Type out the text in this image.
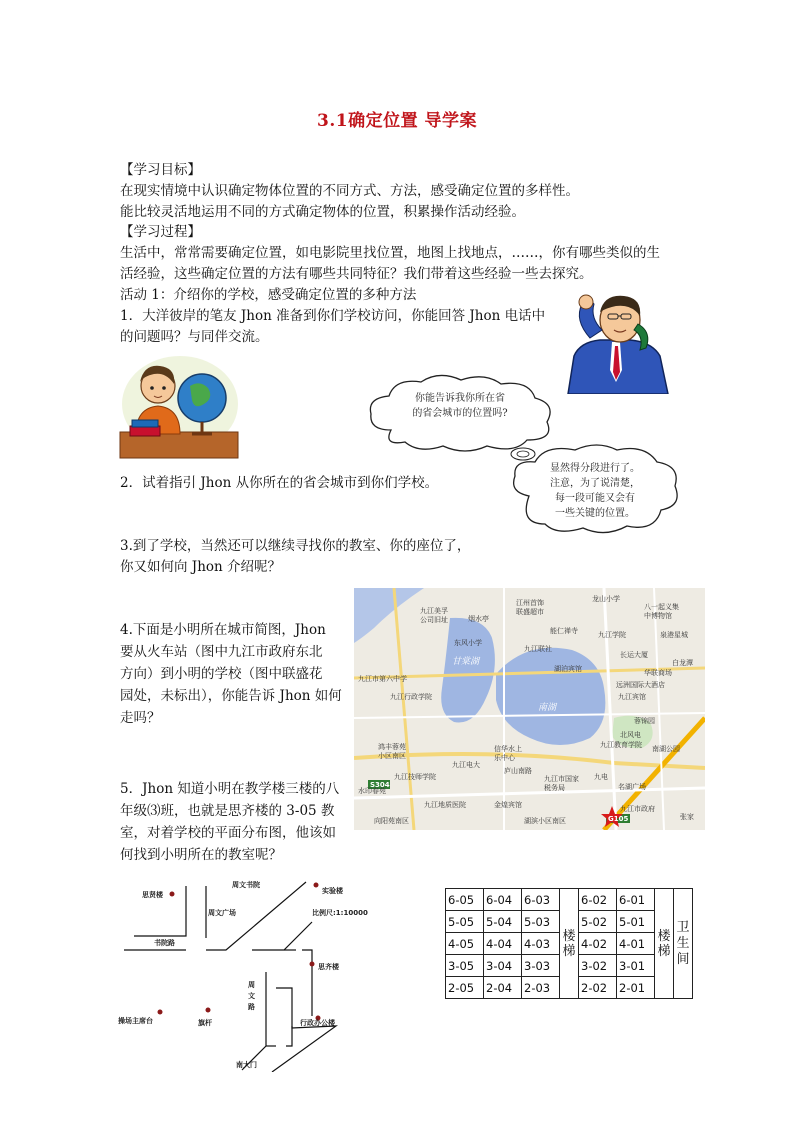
3.1确定位置 导学案
【学习目标】
在现实情境中认识确定物体位置的不同方式、方法，感受确定位置的多样性。
能比较灵活地运用不同的方式确定物体的位置，积累操作活动经验。
【学习过程】
生活中，常常需要确定位置，如电影院里找位置，地图上找地点，……，你有哪些类似的生
活经验，这些确定位置的方法有哪些共同特征？我们带着这些经验一些去探究。
活动 1：介绍你的学校，感受确定位置的多种方法
1．大洋彼岸的笔友 Jhon 准备到你们学校访问，你能回答 Jhon 电话中
的问题吗？与同伴交流。
你能告诉我你所在省
的省会城市的位置吗?
显然得分段进行了。
注意，为了说清楚，
每一段可能又会有
一些关键的位置。
2．试着指引 Jhon 从你所在的省会城市到你们学校。
3.到了学校，当然还可以继续寻找你的教室、你的座位了，
你又如何向 Jhon 介绍呢？
4.下面是小明所在城市简图，Jhon
要从火车站（图中九江市政府东北
方向）到小明的学校（图中联盛花
园处，未标出），你能告诉 Jhon 如何
走吗？
甘棠湖
南湖
龙山小学
江州首饰
联盛超市
九江美孚
公司旧址
八一起义集
中博物馆
东风小学
能仁禅寺	九江学院
九江联社
长运大厦
白龙潭
九江市第六中学
九江行政学院
远洲国际大酒店
九江宾馆
华联商场
信华水上
乐中心
九江教育学院
九江电大
九江市国家
税务局
九江地质医院	金煌宾馆
湖滨小区南区
向阳苑南区
鸿丰蓉苑
小区南区
九江技师学院
九江市政府
名湖广场
蓉锦园
北风电
南湖公园
水印春苑
九电
张家
烟水亭
湖泊宾馆
泉港星城
庐山南路
S304
G105
5．Jhon 知道小明在教学楼三楼的八
年级⑶班，也就是思齐楼的 3-05 教
室，对着学校的平面分布图，他该如
何找到小明所在的教室呢？
思贤楼
周文书院
实验楼
周文广场	比例尺:1:10000
书院路
思齐楼
周文路
操场主席台	旗杆	行政办公楼
南大门
6-05	6-04	6-03	楼梯	6-02	6-01	楼梯	卫生间
5-05	5-04	5-03		5-02	5-01		
4-05	4-04	4-03		4-02	4-01		
3-05	3-04	3-03		3-02	3-01		
2-05	2-04	2-03		2-02	2-01		
